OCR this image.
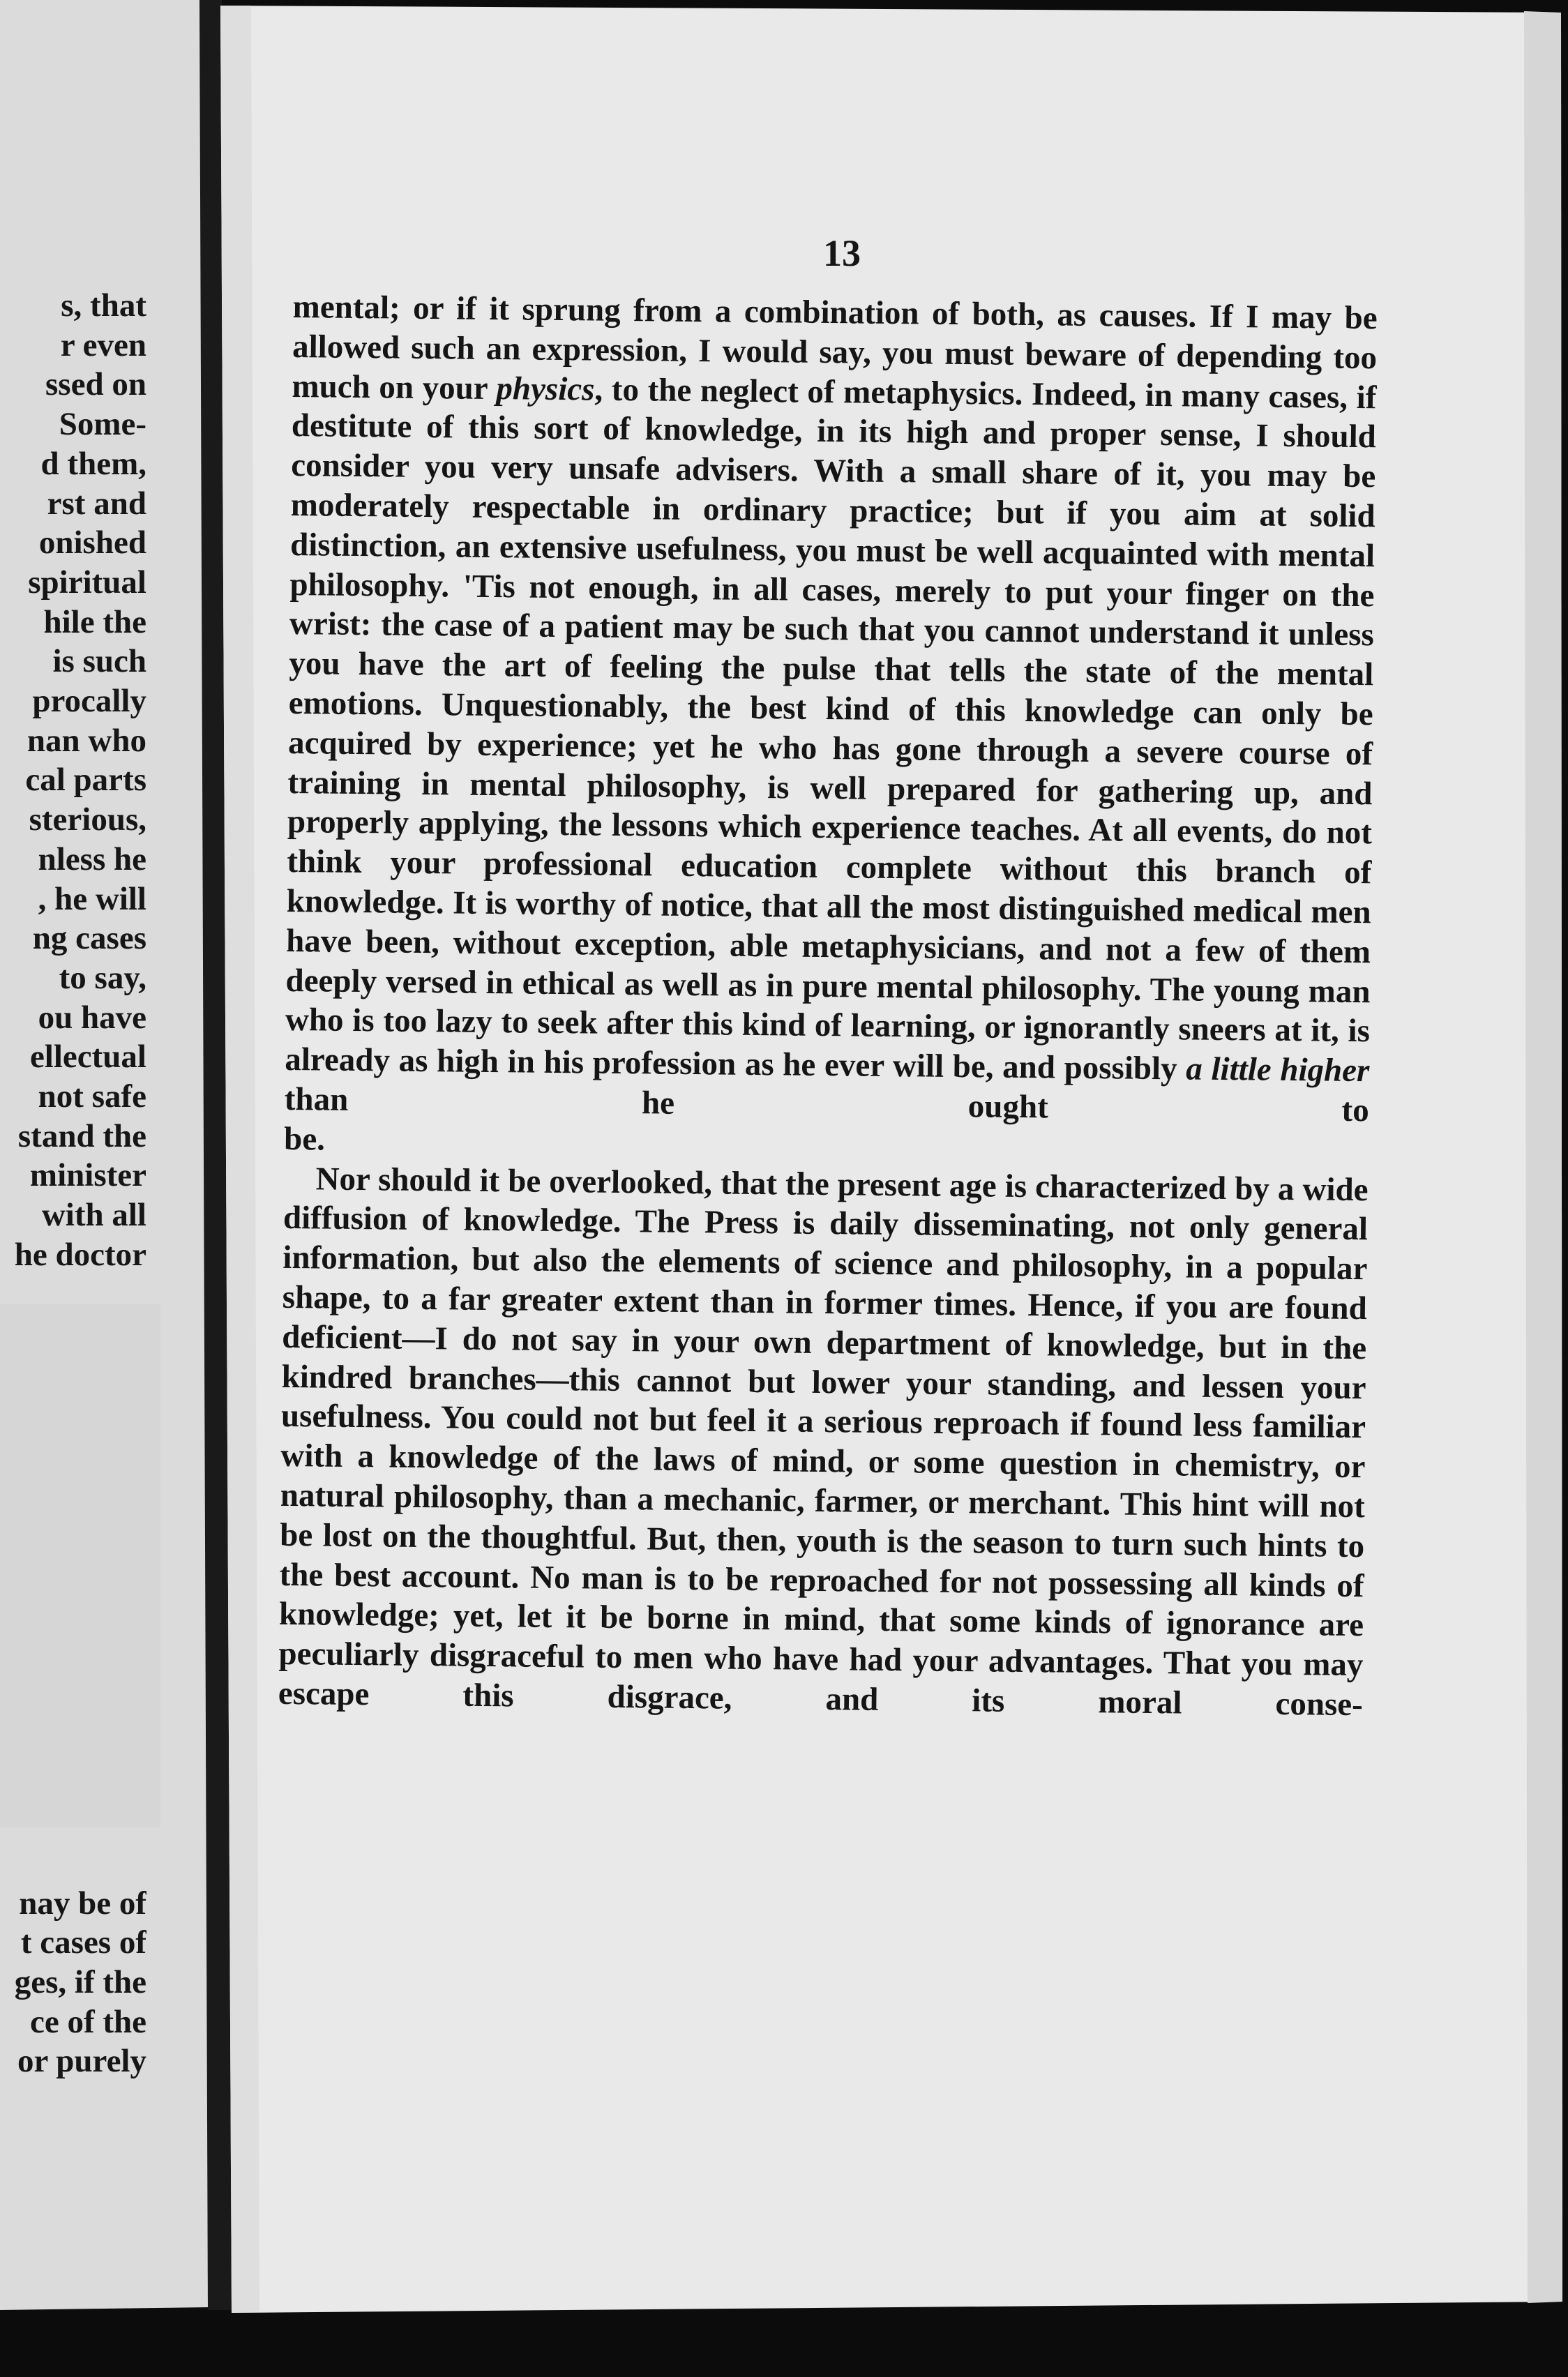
s, that
r even
ssed on
Some-
d them,
rst and
onished
spiritual
hile the
is such
procally
nan who
cal parts
sterious,
nless he
, he will
ng cases
to say,
ou have
ellectual
not safe
stand the
minister
with all
he doctor
nay be of
t cases of
ges, if the
ce of the
or purely
13

mental; or if it sprung from a combination of both, as causes. If I may be allowed such an expression, I would say, you must beware of depending too much on your physics, to the neglect of metaphysics. Indeed, in many cases, if destitute of this sort of knowledge, in its high and proper sense, I should consider you very unsafe advisers. With a small share of it, you may be moderately respectable in ordinary practice; but if you aim at solid distinction, an extensive usefulness, you must be well acquainted with mental philosophy. 'Tis not enough, in all cases, merely to put your finger on the wrist: the case of a patient may be such that you cannot understand it unless you have the art of feeling the pulse that tells the state of the mental emotions. Unquestionably, the best kind of this knowledge can only be acquired by experience; yet he who has gone through a severe course of training in mental philosophy, is well prepared for gathering up, and properly applying, the lessons which experience teaches. At all events, do not think your professional education complete without this branch of knowledge. It is worthy of notice, that all the most distinguished medical men have been, without exception, able metaphysicians, and not a few of them deeply versed in ethical as well as in pure mental philosophy. The young man who is too lazy to seek after this kind of learning, or ignorantly sneers at it, is already as high in his profession as he ever will be, and possibly a little higher than he ought to
be.

Nor should it be overlooked, that the present age is characterized by a wide diffusion of knowledge. The Press is daily disseminating, not only general information, but also the elements of science and philosophy, in a popular shape, to a far greater extent than in former times. Hence, if you are found deficient—I do not say in your own department of knowledge, but in the kindred branches—this cannot but lower your standing, and lessen your usefulness. You could not but feel it a serious reproach if found less familiar with a knowledge of the laws of mind, or some question in chemistry, or natural philosophy, than a mechanic, farmer, or merchant. This hint will not be lost on the thoughtful. But, then, youth is the season to turn such hints to the best account. No man is to be reproached for not possessing all kinds of knowledge; yet, let it be borne in mind, that some kinds of ignorance are peculiarly disgraceful to men who have had your advantages. That you may escape this disgrace, and its moral conse-
